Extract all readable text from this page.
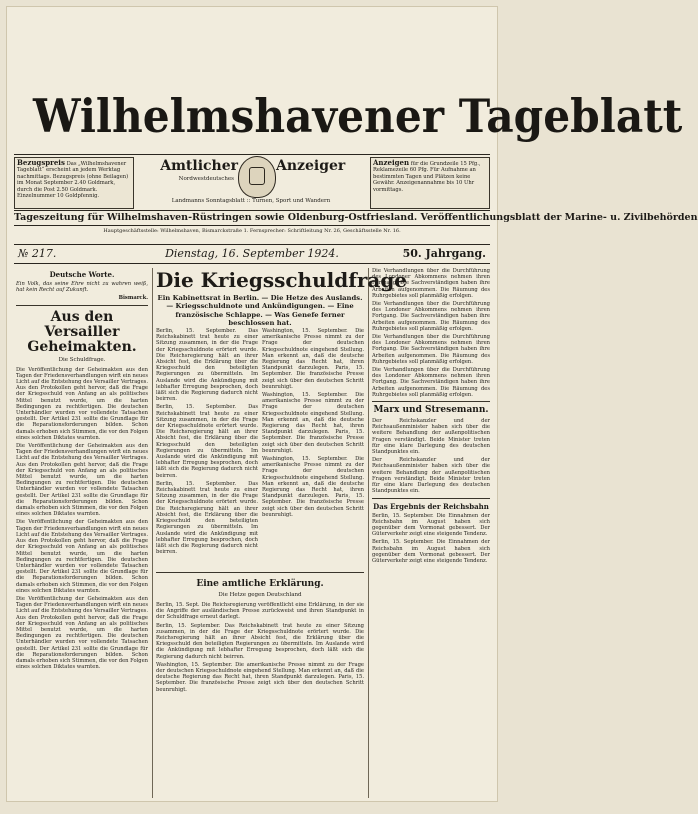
Wilhelmshavener Tageblatt
Bezugspreis Das „Wilhelmshavener Tageblatt“ erscheint an jedem Werktag nachmittags. Bezugspreis (ohne Beilagen) im Monat September 2.40 Goldmark, durch die Post 2.50 Goldmark. Einzelnummer 10 Goldpfennig.
Amtlicher	Anzeiger
Nordwestdeutsches
Landmanns Sonntagsblatt :: Turnen, Sport und Wandern
Anzeigen für die Grundzeile 15 Pfg., Reklamezeile 60 Pfg. Für Aufnahme an bestimmten Tagen und Plätzen keine Gewähr. Anzeigenannahme bis 10 Uhr vormittags.
Tageszeitung für Wilhelmshaven-Rüstringen sowie Oldenburg-Ostfriesland. Veröffentlichungsblatt der Marine- u. Zivilbehörden
Hauptgeschäftsstelle: Wilhelmshaven, Bismarckstraße 1. Fernsprecher: Schriftleitung Nr. 26, Geschäftsstelle Nr. 16.
Dienstag, 16. September 1924.
№ 217.	50. Jahrgang.
Deutsche Worte.

Ein Volk, das seine Ehre nicht zu wahren weiß, hat kein Recht auf Zukunft.

Bismarck.

Aus den Versailler Geheimakten.
Die Schuldfrage.

Die Veröffentlichung der Geheimakten aus den Tagen der Friedensverhandlungen wirft ein neues Licht auf die Entstehung des Versailler Vertrages. Aus den Protokollen geht hervor, daß die Frage der Kriegsschuld von Anfang an als politisches Mittel benutzt wurde, um die harten Bedingungen zu rechtfertigen. Die deutschen Unterhändler wurden vor vollendete Tatsachen gestellt. Der Artikel 231 sollte die Grundlage für die Reparationsforderungen bilden. Schon damals erhoben sich Stimmen, die vor den Folgen eines solchen Diktates warnten.

Die Veröffentlichung der Geheimakten aus den Tagen der Friedensverhandlungen wirft ein neues Licht auf die Entstehung des Versailler Vertrages. Aus den Protokollen geht hervor, daß die Frage der Kriegsschuld von Anfang an als politisches Mittel benutzt wurde, um die harten Bedingungen zu rechtfertigen. Die deutschen Unterhändler wurden vor vollendete Tatsachen gestellt. Der Artikel 231 sollte die Grundlage für die Reparationsforderungen bilden. Schon damals erhoben sich Stimmen, die vor den Folgen eines solchen Diktates warnten.

Die Veröffentlichung der Geheimakten aus den Tagen der Friedensverhandlungen wirft ein neues Licht auf die Entstehung des Versailler Vertrages. Aus den Protokollen geht hervor, daß die Frage der Kriegsschuld von Anfang an als politisches Mittel benutzt wurde, um die harten Bedingungen zu rechtfertigen. Die deutschen Unterhändler wurden vor vollendete Tatsachen gestellt. Der Artikel 231 sollte die Grundlage für die Reparationsforderungen bilden. Schon damals erhoben sich Stimmen, die vor den Folgen eines solchen Diktates warnten.

Die Veröffentlichung der Geheimakten aus den Tagen der Friedensverhandlungen wirft ein neues Licht auf die Entstehung des Versailler Vertrages. Aus den Protokollen geht hervor, daß die Frage der Kriegsschuld von Anfang an als politisches Mittel benutzt wurde, um die harten Bedingungen zu rechtfertigen. Die deutschen Unterhändler wurden vor vollendete Tatsachen gestellt. Der Artikel 231 sollte die Grundlage für die Reparationsforderungen bilden. Schon damals erhoben sich Stimmen, die vor den Folgen eines solchen Diktates warnten.

Die Kriegsschuldfrage
Ein Kabinettsrat in Berlin. — Die Hetze des Auslands. — Kriegsschuldnote und Ankündigungen. — Eine französische Schlappe. — Was Genefe ferner beschlossen hat.

Berlin, 15. September. Das Reichskabinett trat heute zu einer Sitzung zusammen, in der die Frage der Kriegsschuldnote erörtert wurde. Die Reichsregierung hält an ihrer Absicht fest, die Erklärung über die Kriegsschuld den beteiligten Regierungen zu übermitteln. Im Auslande wird die Ankündigung mit lebhafter Erregung besprochen, doch läßt sich die Regierung dadurch nicht beirren.

Berlin, 15. September. Das Reichskabinett trat heute zu einer Sitzung zusammen, in der die Frage der Kriegsschuldnote erörtert wurde. Die Reichsregierung hält an ihrer Absicht fest, die Erklärung über die Kriegsschuld den beteiligten Regierungen zu übermitteln. Im Auslande wird die Ankündigung mit lebhafter Erregung besprochen, doch läßt sich die Regierung dadurch nicht beirren.

Berlin, 15. September. Das Reichskabinett trat heute zu einer Sitzung zusammen, in der die Frage der Kriegsschuldnote erörtert wurde. Die Reichsregierung hält an ihrer Absicht fest, die Erklärung über die Kriegsschuld den beteiligten Regierungen zu übermitteln. Im Auslande wird die Ankündigung mit lebhafter Erregung besprochen, doch läßt sich die Regierung dadurch nicht beirren.

Washington, 15. September. Die amerikanische Presse nimmt zu der Frage der deutschen Kriegsschuldnote eingehend Stellung. Man erkennt an, daß die deutsche Regierung das Recht hat, ihren Standpunkt darzulegen. Paris, 15. September. Die französische Presse zeigt sich über den deutschen Schritt beunruhigt.

Washington, 15. September. Die amerikanische Presse nimmt zu der Frage der deutschen Kriegsschuldnote eingehend Stellung. Man erkennt an, daß die deutsche Regierung das Recht hat, ihren Standpunkt darzulegen. Paris, 15. September. Die französische Presse zeigt sich über den deutschen Schritt beunruhigt.

Washington, 15. September. Die amerikanische Presse nimmt zu der Frage der deutschen Kriegsschuldnote eingehend Stellung. Man erkennt an, daß die deutsche Regierung das Recht hat, ihren Standpunkt darzulegen. Paris, 15. September. Die französische Presse zeigt sich über den deutschen Schritt beunruhigt.

Eine amtliche Erklärung.
Die Hetze gegen Deutschland

Berlin, 15. Sept. Die Reichsregierung veröffentlicht eine Erklärung, in der sie die Angriffe der ausländischen Presse zurückweist und ihren Standpunkt in der Schuldfrage erneut darlegt.

Berlin, 15. September. Das Reichskabinett trat heute zu einer Sitzung zusammen, in der die Frage der Kriegsschuldnote erörtert wurde. Die Reichsregierung hält an ihrer Absicht fest, die Erklärung über die Kriegsschuld den beteiligten Regierungen zu übermitteln. Im Auslande wird die Ankündigung mit lebhafter Erregung besprochen, doch läßt sich die Regierung dadurch nicht beirren.

Washington, 15. September. Die amerikanische Presse nimmt zu der Frage der deutschen Kriegsschuldnote eingehend Stellung. Man erkennt an, daß die deutsche Regierung das Recht hat, ihren Standpunkt darzulegen. Paris, 15. September. Die französische Presse zeigt sich über den deutschen Schritt beunruhigt.

Die Verhandlungen über die Durchführung des Londoner Abkommens nehmen ihren Fortgang. Die Sachverständigen haben ihre Arbeiten aufgenommen. Die Räumung des Ruhrgebietes soll planmäßig erfolgen.

Die Verhandlungen über die Durchführung des Londoner Abkommens nehmen ihren Fortgang. Die Sachverständigen haben ihre Arbeiten aufgenommen. Die Räumung des Ruhrgebietes soll planmäßig erfolgen.

Die Verhandlungen über die Durchführung des Londoner Abkommens nehmen ihren Fortgang. Die Sachverständigen haben ihre Arbeiten aufgenommen. Die Räumung des Ruhrgebietes soll planmäßig erfolgen.

Die Verhandlungen über die Durchführung des Londoner Abkommens nehmen ihren Fortgang. Die Sachverständigen haben ihre Arbeiten aufgenommen. Die Räumung des Ruhrgebietes soll planmäßig erfolgen.

Marx und Stresemann.

Der Reichskanzler und der Reichsaußenminister haben sich über die weitere Behandlung der außenpolitischen Fragen verständigt. Beide Minister treten für eine klare Darlegung des deutschen Standpunktes ein.

Der Reichskanzler und der Reichsaußenminister haben sich über die weitere Behandlung der außenpolitischen Fragen verständigt. Beide Minister treten für eine klare Darlegung des deutschen Standpunktes ein.

Das Ergebnis der Reichsbahn

Berlin, 15. September. Die Einnahmen der Reichsbahn im August haben sich gegenüber dem Vormonat gebessert. Der Güterverkehr zeigt eine steigende Tendenz.

Berlin, 15. September. Die Einnahmen der Reichsbahn im August haben sich gegenüber dem Vormonat gebessert. Der Güterverkehr zeigt eine steigende Tendenz.
